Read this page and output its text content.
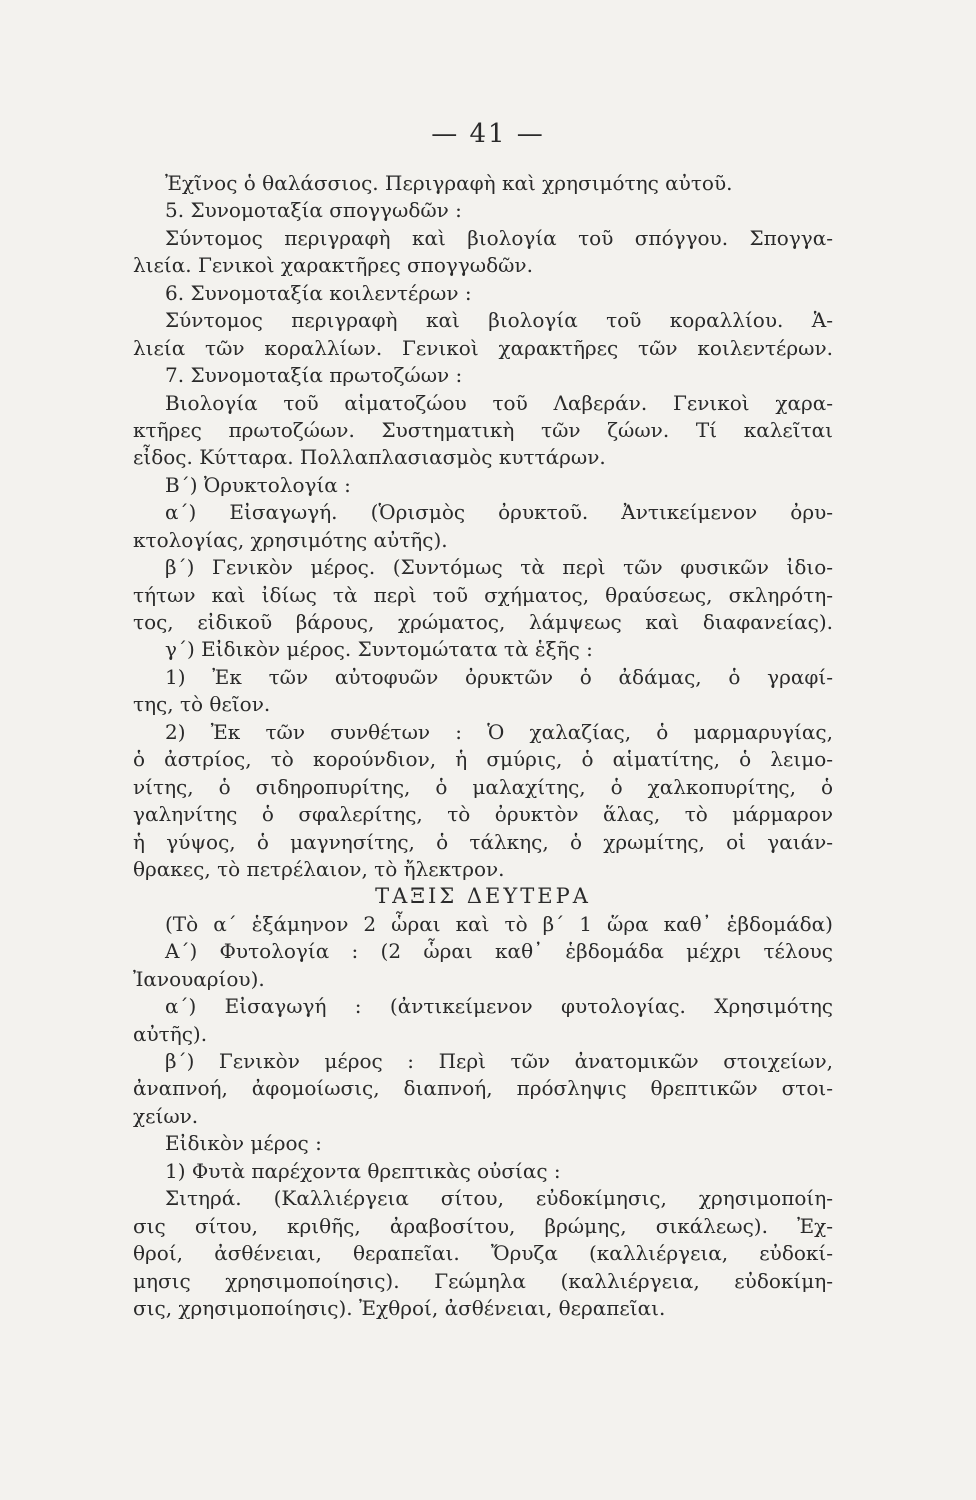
— 41 —
Ἐχῖνος ὁ θαλάσσιος. Περιγραφὴ καὶ χρησιμότης αὐτοῦ.
5. Συνομοταξία σπογγωδῶν :
Σύντομος περιγραφὴ καὶ βιολογία τοῦ σπόγγου. Σπογγα-
λιεία. Γενικοὶ χαρακτῆρες σπογγωδῶν.
6. Συνομοταξία κοιλεντέρων :
Σύντομος περιγραφὴ καὶ βιολογία τοῦ κοραλλίου. Ἁ-
λιεία τῶν κοραλλίων. Γενικοὶ χαρακτῆρες τῶν κοιλεντέρων.
7. Συνομοταξία πρωτοζώων :
Βιολογία τοῦ αἱματοζώου τοῦ Λαβεράν. Γενικοὶ χαρα-
κτῆρες πρωτοζώων. Συστηματικὴ τῶν ζώων. Τί καλεῖται
εἶδος. Κύτταρα. Πολλαπλασιασμὸς κυττάρων.
Β΄) Ὀρυκτολογία :
α΄) Εἰσαγωγή. (Ὁρισμὸς ὀρυκτοῦ. Ἀντικείμενον ὀρυ-
κτολογίας, χρησιμότης αὐτῆς).
β΄) Γενικὸν μέρος. (Συντόμως τὰ περὶ τῶν φυσικῶν ἰδιο-
τήτων καὶ ἰδίως τὰ περὶ τοῦ σχήματος, θραύσεως, σκληρότη-
τος, εἰδικοῦ βάρους, χρώματος, λάμψεως καὶ διαφανείας).
γ΄) Εἰδικὸν μέρος. Συντομώτατα τὰ ἑξῆς :
1) Ἐκ τῶν αὐτοφυῶν ὀρυκτῶν ὁ ἀδάμας, ὁ γραφί-
της, τὸ θεῖον.
2) Ἐκ τῶν συνθέτων : Ὁ χαλαζίας, ὁ μαρμαρυγίας,
ὁ ἀστρίος, τὸ κορούνδιον, ἡ σμύρις, ὁ αἱματίτης, ὁ λειμο-
νίτης, ὁ σιδηροπυρίτης, ὁ μαλαχίτης, ὁ χαλκοπυρίτης, ὁ
γαληνίτης ὁ σφαλερίτης, τὸ ὀρυκτὸν ἅλας, τὸ μάρμαρον
ἡ γύψος, ὁ μαγνησίτης, ὁ τάλκης, ὁ χρωμίτης, οἱ γαιάν-
θρακες, τὸ πετρέλαιον, τὸ ἤλεκτρον.
ΤΑΞΙΣ ΔΕΥΤΕΡΑ
(Τὸ α΄ ἑξάμηνον 2 ὧραι καὶ τὸ β΄ 1 ὥρα καθ᾽ ἑβδομάδα)
Α΄) Φυτολογία : (2 ὧραι καθ᾽ ἑβδομάδα μέχρι τέλους
Ἰανουαρίου).
α΄) Εἰσαγωγή : (ἀντικείμενον φυτολογίας. Χρησιμότης
αὐτῆς).
β΄) Γενικὸν μέρος : Περὶ τῶν ἀνατομικῶν στοιχείων,
ἀναπνοή, ἀφομοίωσις, διαπνοή, πρόσληψις θρεπτικῶν στοι-
χείων.
Εἰδικὸν μέρος :
1) Φυτὰ παρέχοντα θρεπτικὰς οὐσίας :
Σιτηρά. (Καλλιέργεια σίτου, εὐδοκίμησις, χρησιμοποίη-
σις σίτου, κριθῆς, ἀραβοσίτου, βρώμης, σικάλεως). Ἐχ-
θροί, ἀσθένειαι, θεραπεῖαι. Ὄρυζα (καλλιέργεια, εὐδοκί-
μησις χρησιμοποίησις). Γεώμηλα (καλλιέργεια, εὐδοκίμη-
σις, χρησιμοποίησις). Ἐχθροί, ἀσθένειαι, θεραπεῖαι.
